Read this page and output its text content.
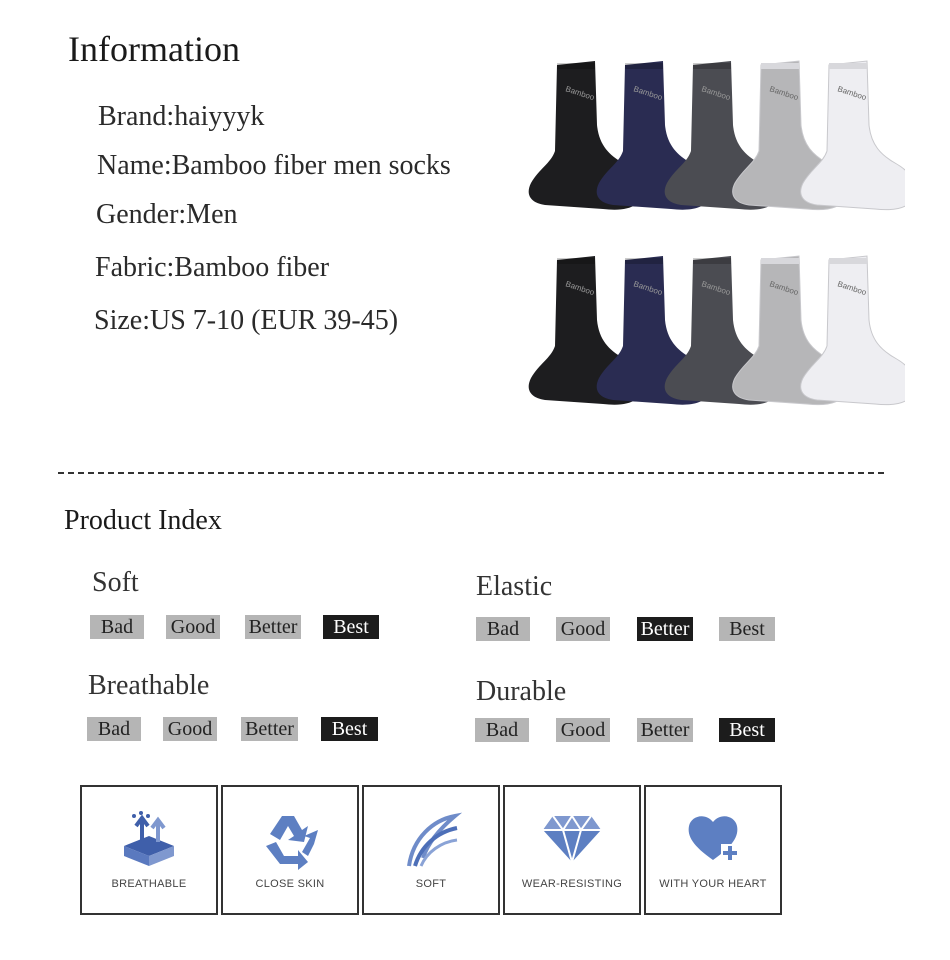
Information
Brand:haiyyyk
Name:Bamboo fiber men socks
Gender:Men
Fabric:Bamboo fiber
Size:US 7-10 (EUR 39-45)
Bamboo	Bamboo	Bamboo	Bamboo	Bamboo
Bamboo	Bamboo	Bamboo	Bamboo	Bamboo
Product Index
Soft
Bad	Good Better	Best
Elastic
Bad	Good Better	Best
Breathable
Bad	Good Better	Best
Durable
Bad	Good Better	Best
BREATHABLE	CLOSE SKIN	SOFT	WEAR-RESISTING	WITH YOUR HEART
